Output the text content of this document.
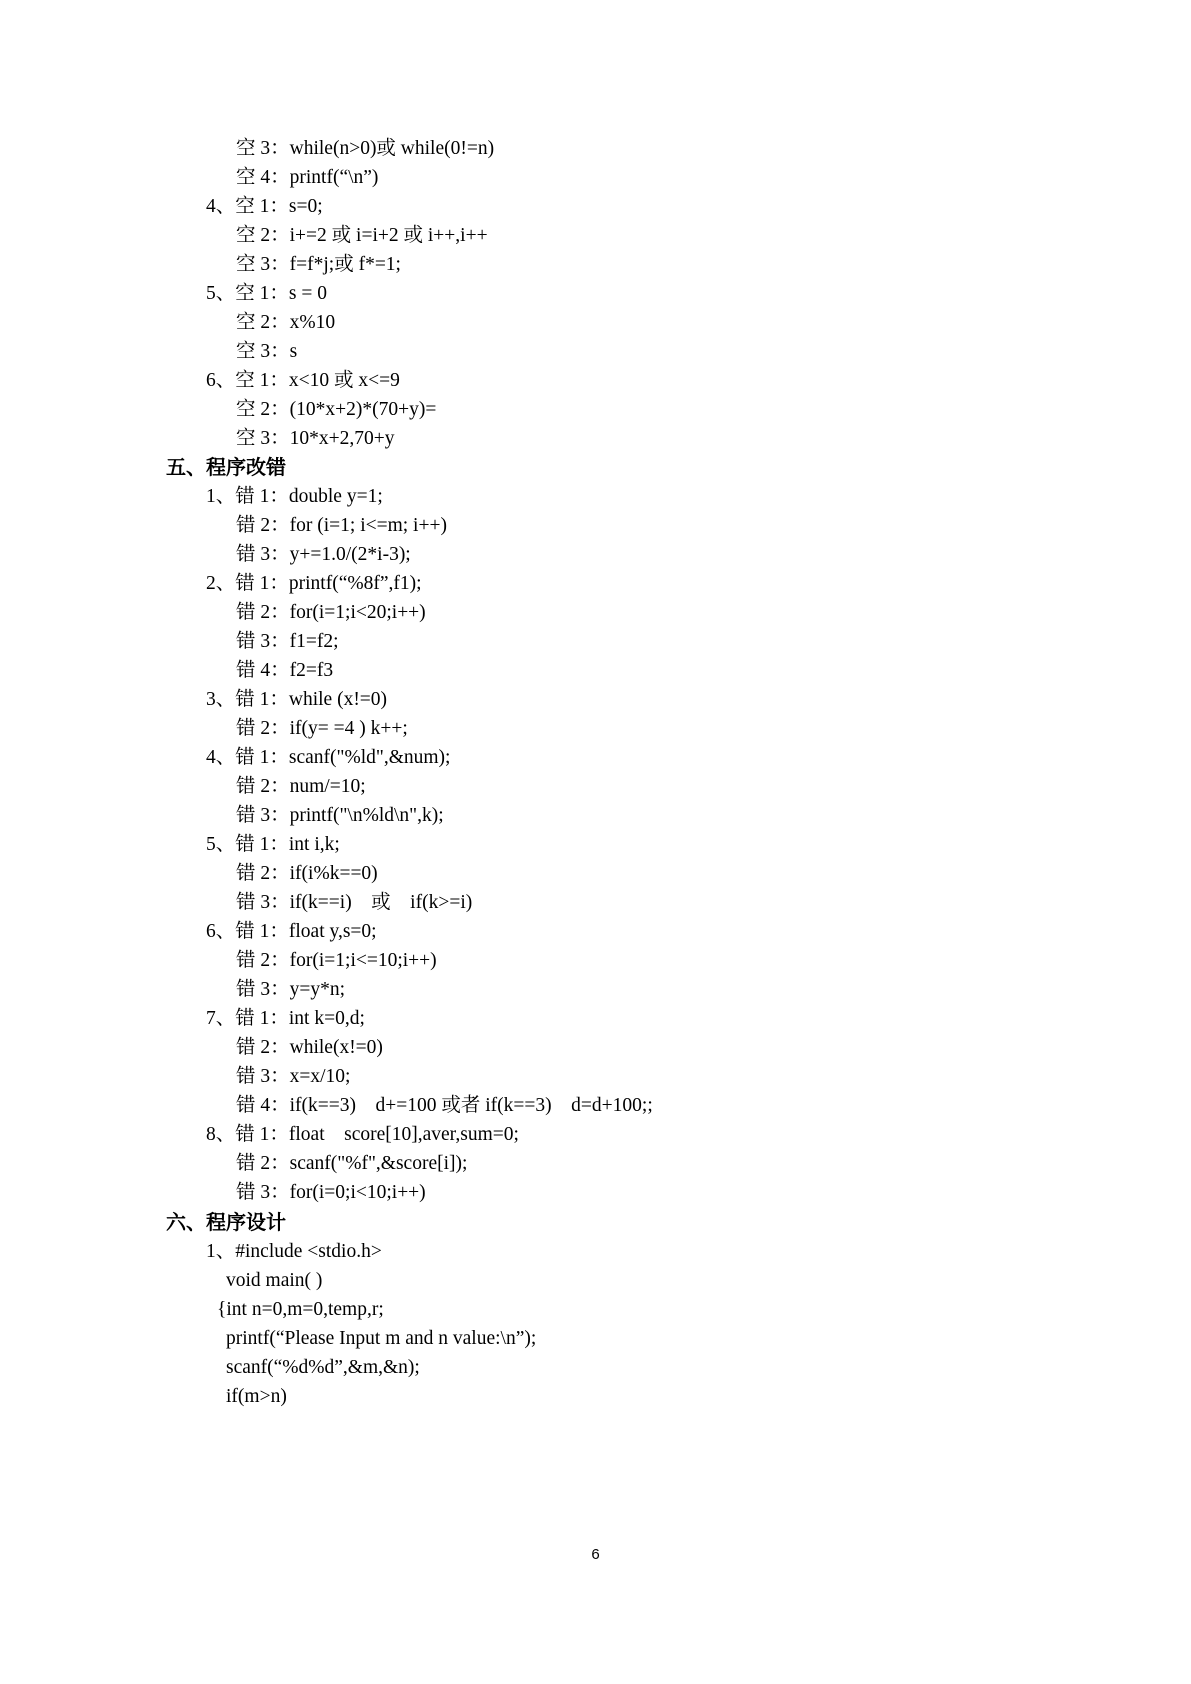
空 3：while(n>0)或 while(0!=n)
空 4：printf(“\n”)
4、空 1：s=0;
空 2：i+=2 或 i=i+2 或 i++,i++
空 3：f=f*j;或 f*=1;
5、空 1：s = 0
空 2：x%10
空 3：s
6、空 1：x<10 或 x<=9
空 2：(10*x+2)*(70+y)=
空 3：10*x+2,70+y
五、程序改错
1、错 1：double y=1;
错 2：for (i=1; i<=m; i++)
错 3：y+=1.0/(2*i-3);
2、错 1：printf(“%8f”,f1);
错 2：for(i=1;i<20;i++)
错 3：f1=f2;
错 4：f2=f3
3、错 1：while (x!=0)
错 2：if(y= =4 ) k++;
4、错 1：scanf("%ld",&num);
错 2：num/=10;
错 3：printf("\n%ld\n",k);
5、错 1：int i,k;
错 2：if(i%k==0)
错 3：if(k==i)    或    if(k>=i)
6、错 1：float y,s=0;
错 2：for(i=1;i<=10;i++)
错 3：y=y*n;
7、错 1：int k=0,d;
错 2：while(x!=0)
错 3：x=x/10;
错 4：if(k==3)    d+=100 或者 if(k==3)    d=d+100;;
8、错 1：float    score[10],aver,sum=0;
错 2：scanf("%f",&score[i]);
错 3：for(i=0;i<10;i++)
六、程序设计
1、#include <stdio.h>
void main( )
{int n=0,m=0,temp,r;
printf(“Please Input m and n value:\n”);
scanf(“%d%d”,&m,&n);
if(m>n)
6
